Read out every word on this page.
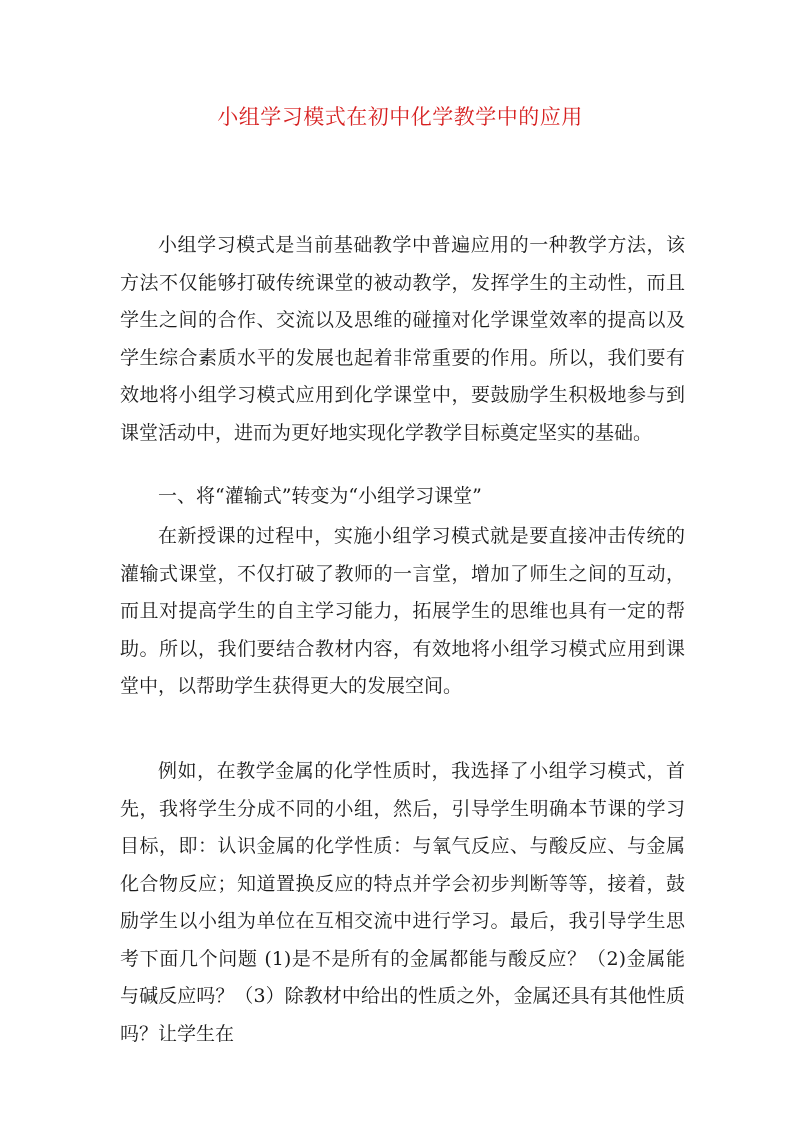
小组学习模式在初中化学教学中的应用

小组学习模式是当前基础教学中普遍应用的一种教学方法，该方法不仅能够打破传统课堂的被动教学，发挥学生的主动性，而且学生之间的合作、交流以及思维的碰撞对化学课堂效率的提高以及学生综合素质水平的发展也起着非常重要的作用。所以，我们要有效地将小组学习模式应用到化学课堂中，要鼓励学生积极地参与到课堂活动中，进而为更好地实现化学教学目标奠定坚实的基础。

一、将“灌输式”转变为“小组学习课堂”

在新授课的过程中，实施小组学习模式就是要直接冲击传统的灌输式课堂，不仅打破了教师的一言堂，增加了师生之间的互动，而且对提高学生的自主学习能力，拓展学生的思维也具有一定的帮助。所以，我们要结合教材内容，有效地将小组学习模式应用到课堂中，以帮助学生获得更大的发展空间。

例如，在教学金属的化学性质时，我选择了小组学习模式，首先，我将学生分成不同的小组，然后，引导学生明确本节课的学习目标，即：认识金属的化学性质：与氧气反应、与酸反应、与金属化合物反应；知道置换反应的特点并学会初步判断等等，接着，鼓励学生以小组为单位在互相交流中进行学习。最后，我引导学生思考下面几个问题 (1)是不是所有的金属都能与酸反应？（2)金属能与碱反应吗？（3）除教材中给出的性质之外，金属还具有其他性质吗？让学生在
